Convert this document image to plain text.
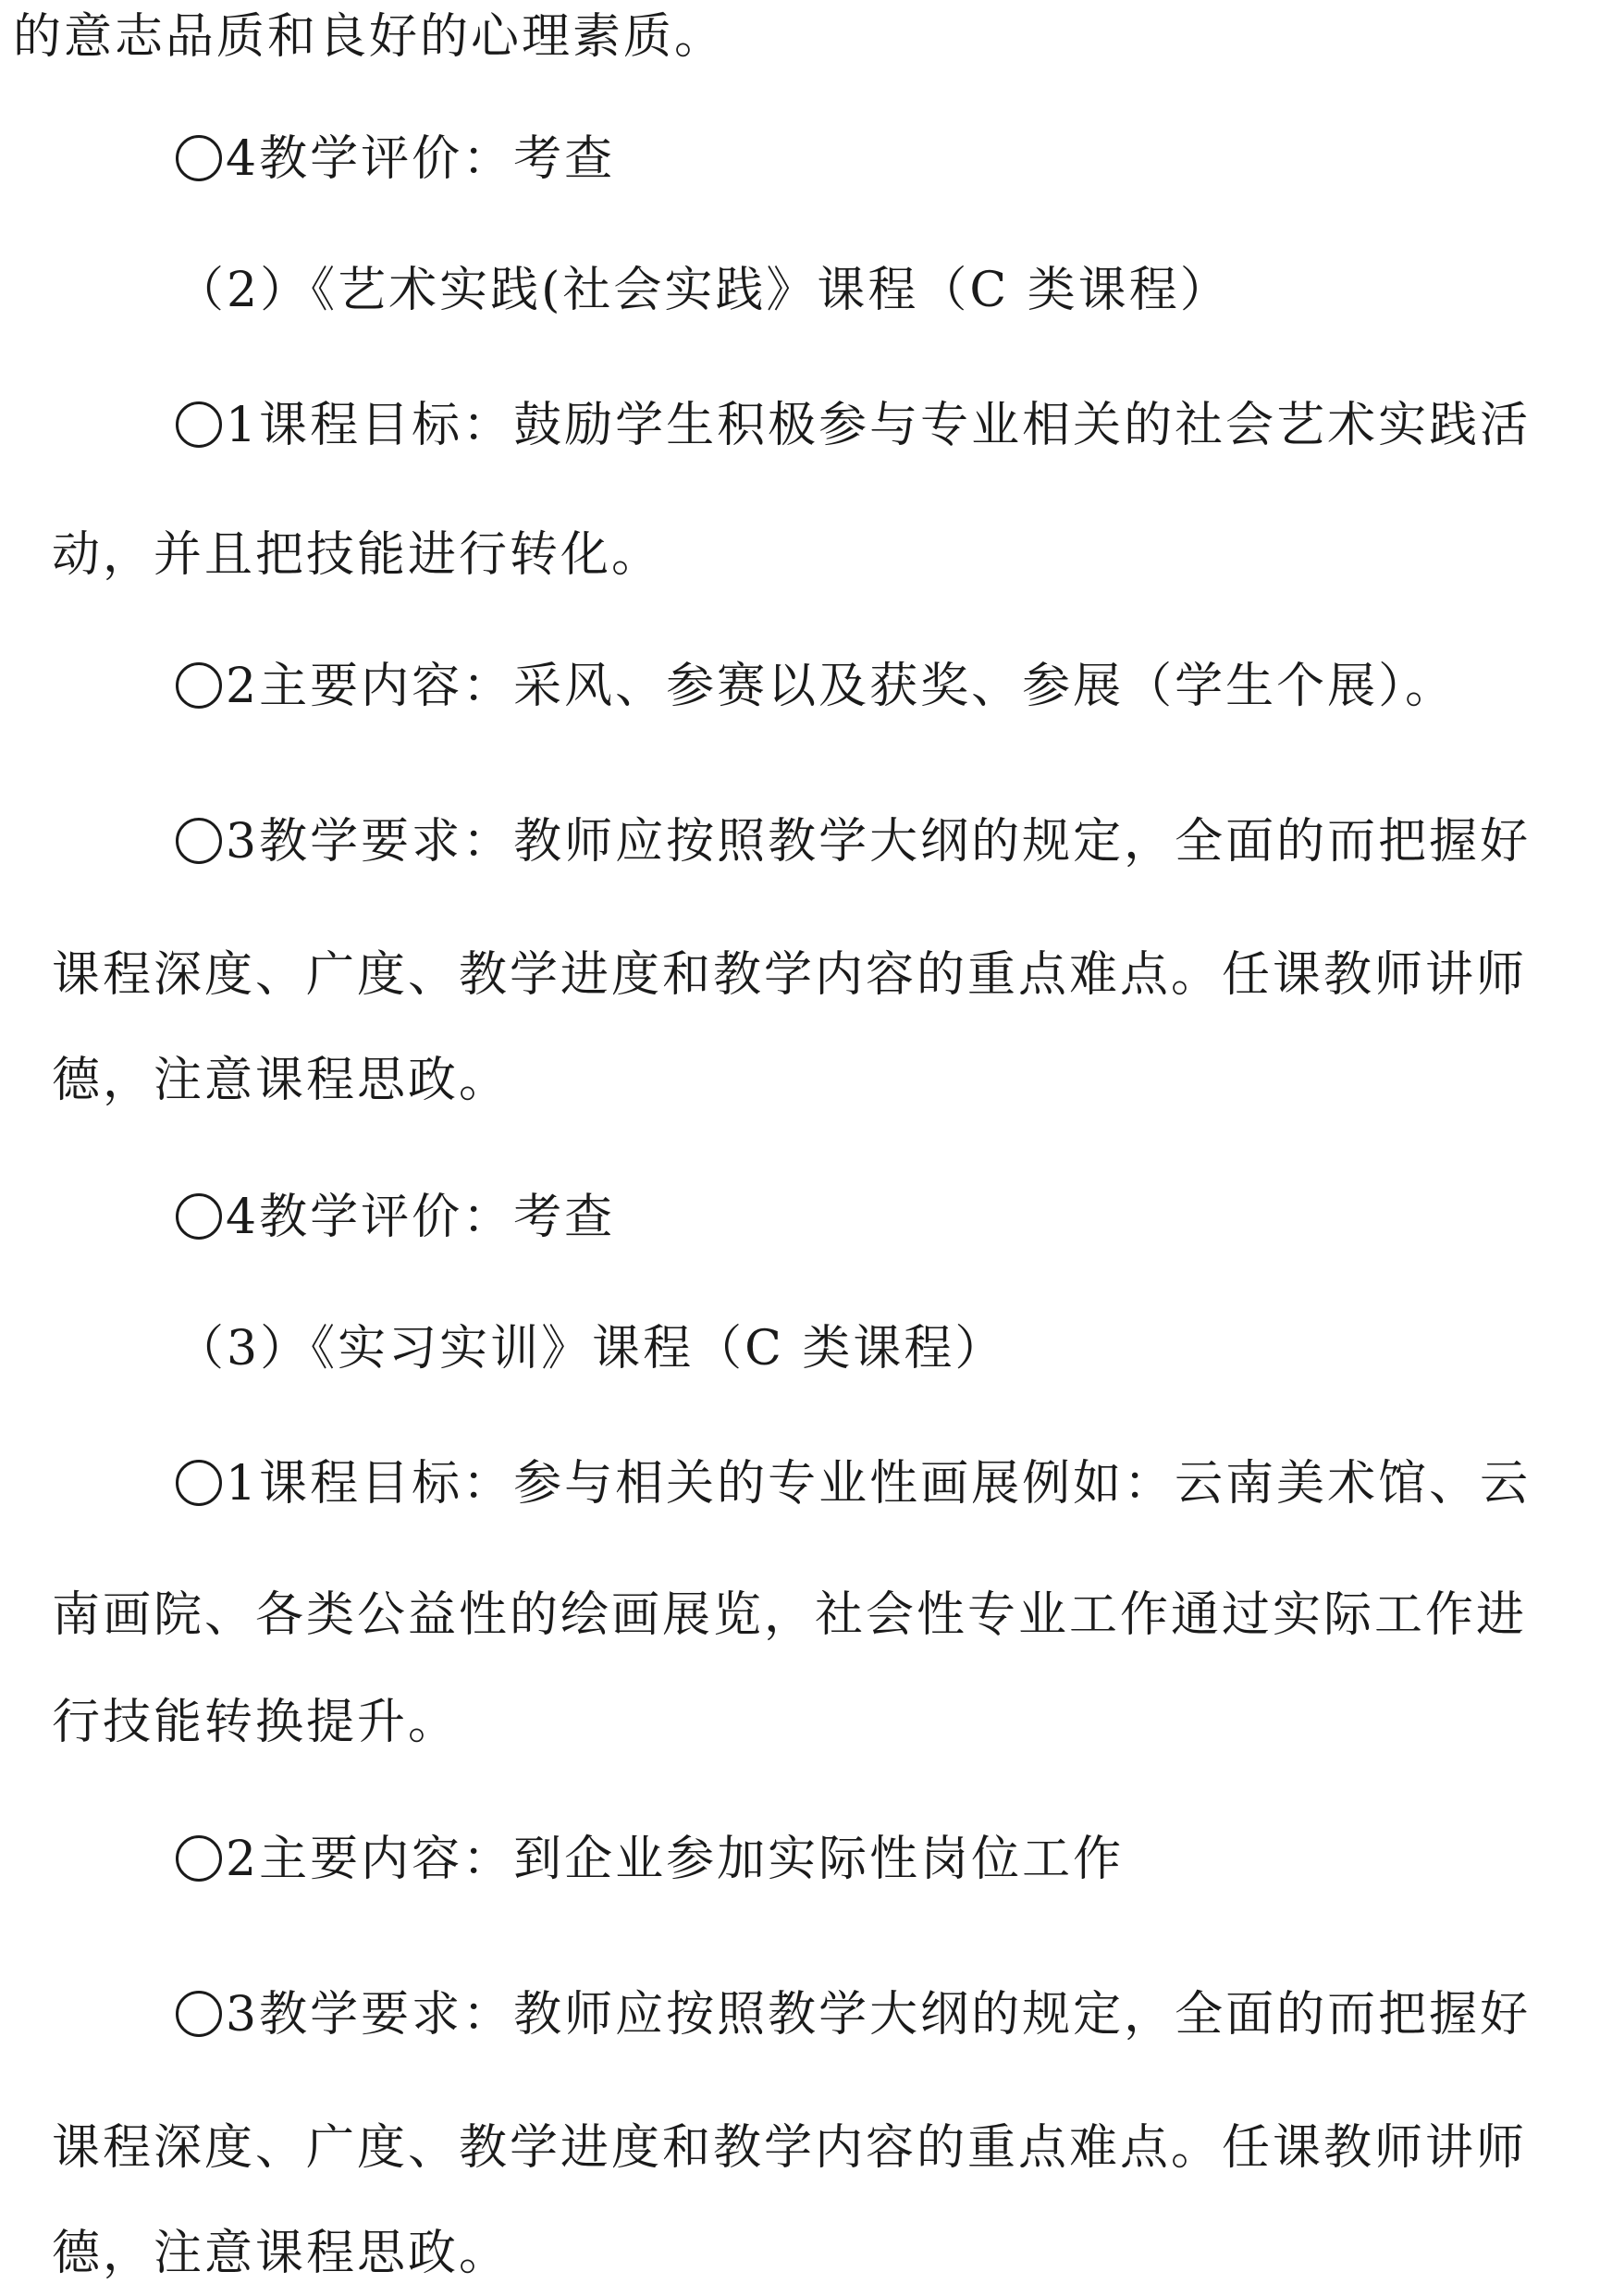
的意志品质和良好的心理素质。
4教学评价：考查
（2）《艺术实践(社会实践》课程（C 类课程）
1课程目标：鼓励学生积极参与专业相关的社会艺术实践活
动，并且把技能进行转化。
2主要内容：采风、参赛以及获奖、参展（学生个展）。
3教学要求：教师应按照教学大纲的规定，全面的而把握好
课程深度、广度、教学进度和教学内容的重点难点。任课教师讲师
德，注意课程思政。
4教学评价：考查
（3）《实习实训》课程（C 类课程）
1课程目标：参与相关的专业性画展例如：云南美术馆、云
南画院、各类公益性的绘画展览，社会性专业工作通过实际工作进
行技能转换提升。
2主要内容：到企业参加实际性岗位工作
3教学要求：教师应按照教学大纲的规定，全面的而把握好
课程深度、广度、教学进度和教学内容的重点难点。任课教师讲师
德，注意课程思政。
